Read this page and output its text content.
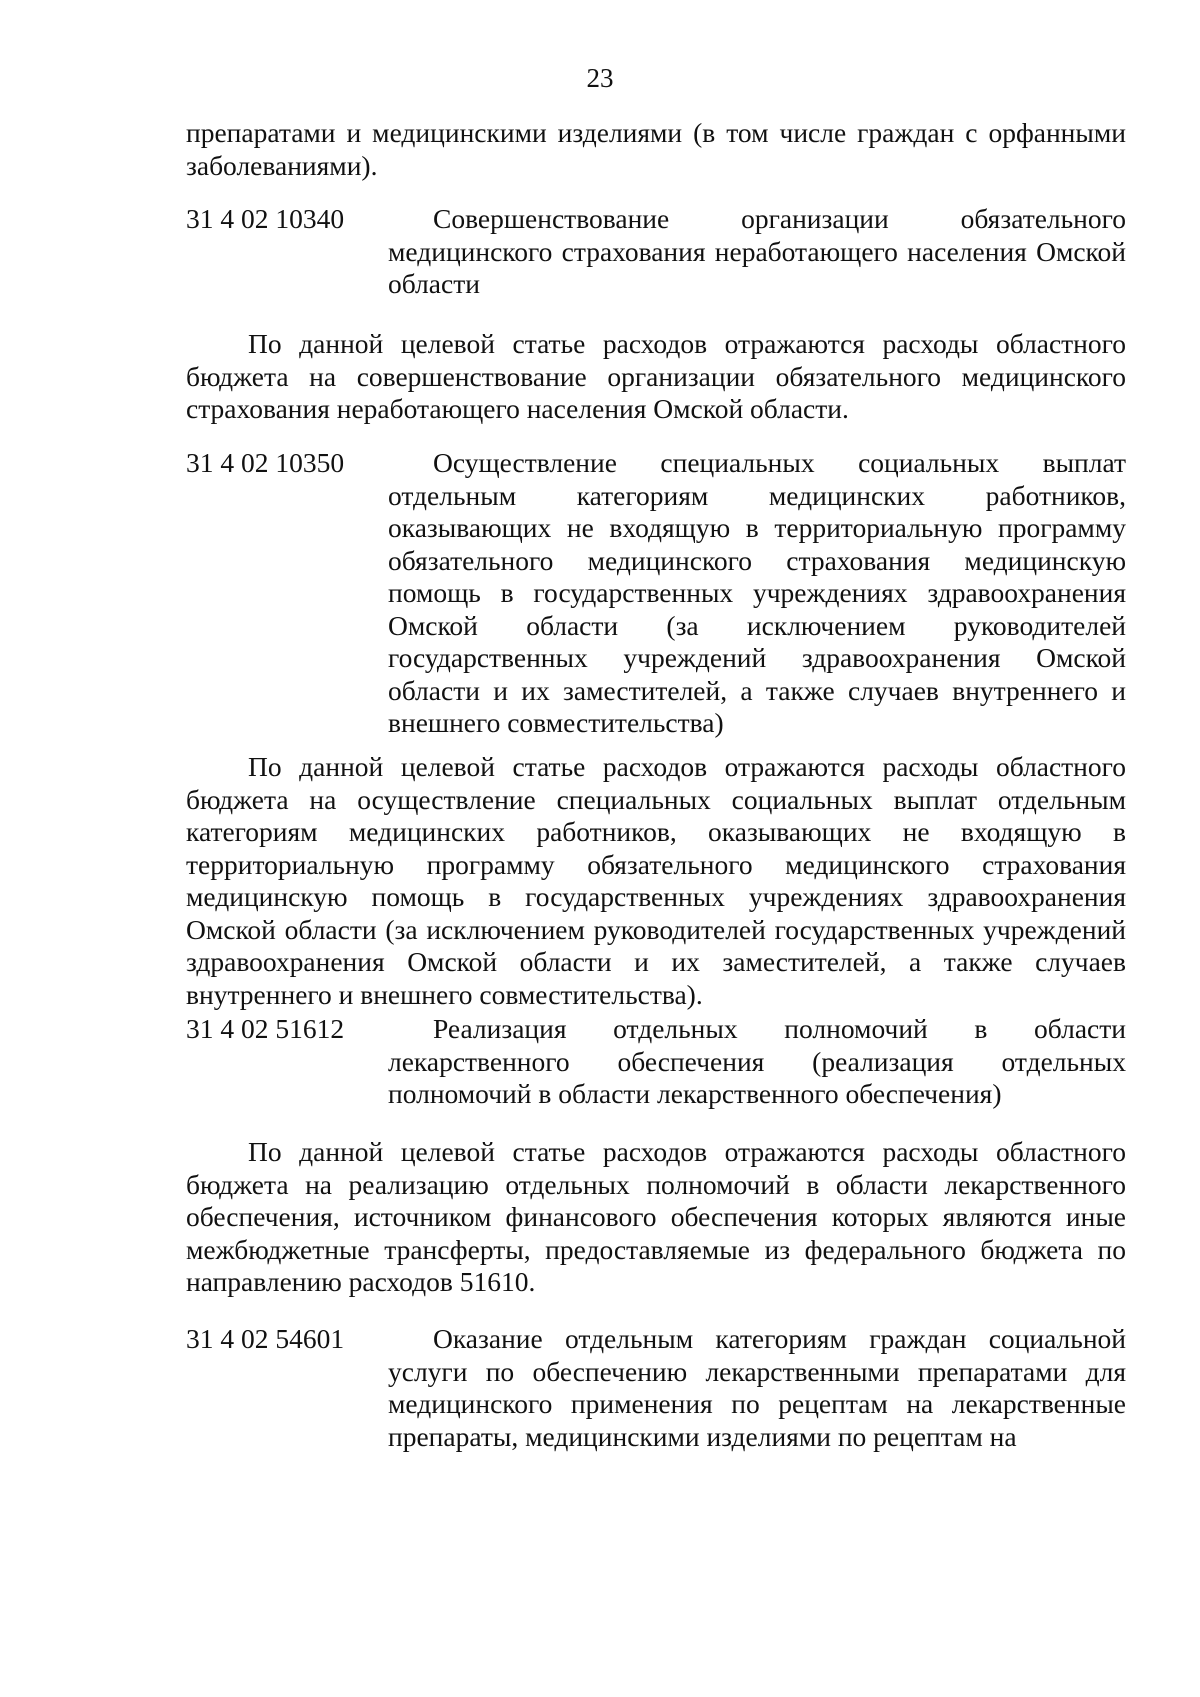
23

препаратами и медицинскими изделиями (в том числе граждан с орфанными заболеваниями).

31 4 02 10340	Совершенствование организации обязательного медицинского страхования неработающего населения Омской области

По данной целевой статье расходов отражаются расходы областного бюджета на совершенствование организации обязательного медицинского страхования неработающего населения Омской области.

31 4 02 10350	Осуществление специальных социальных выплат отдельным категориям медицинских работников, оказывающих не входящую в территориальную программу обязательного медицинского страхования медицинскую помощь в государственных учреждениях здравоохранения Омской области (за исключением руководителей государственных учреждений здравоохранения Омской области и их заместителей, а также случаев внутреннего и внешнего совместительства)

По данной целевой статье расходов отражаются расходы областного бюджета на осуществление специальных социальных выплат отдельным категориям медицинских работников, оказывающих не входящую в территориальную программу обязательного медицинского страхования медицинскую помощь в государственных учреждениях здравоохранения Омской области (за исключением руководителей государственных учреждений здравоохранения Омской области и их заместителей, а также случаев внутреннего и внешнего совместительства).

31 4 02 51612	Реализация отдельных полномочий в области лекарственного обеспечения (реализация отдельных полномочий в области лекарственного обеспечения)

По данной целевой статье расходов отражаются расходы областного бюджета на реализацию отдельных полномочий в области лекарственного обеспечения, источником финансового обеспечения которых являются иные межбюджетные трансферты, предоставляемые из федерального бюджета по направлению расходов 51610.

31 4 02 54601	Оказание отдельным категориям граждан социальной услуги по обеспечению лекарственными препаратами для медицинского применения по рецептам на лекарственные препараты, медицинскими изделиями по рецептам на
